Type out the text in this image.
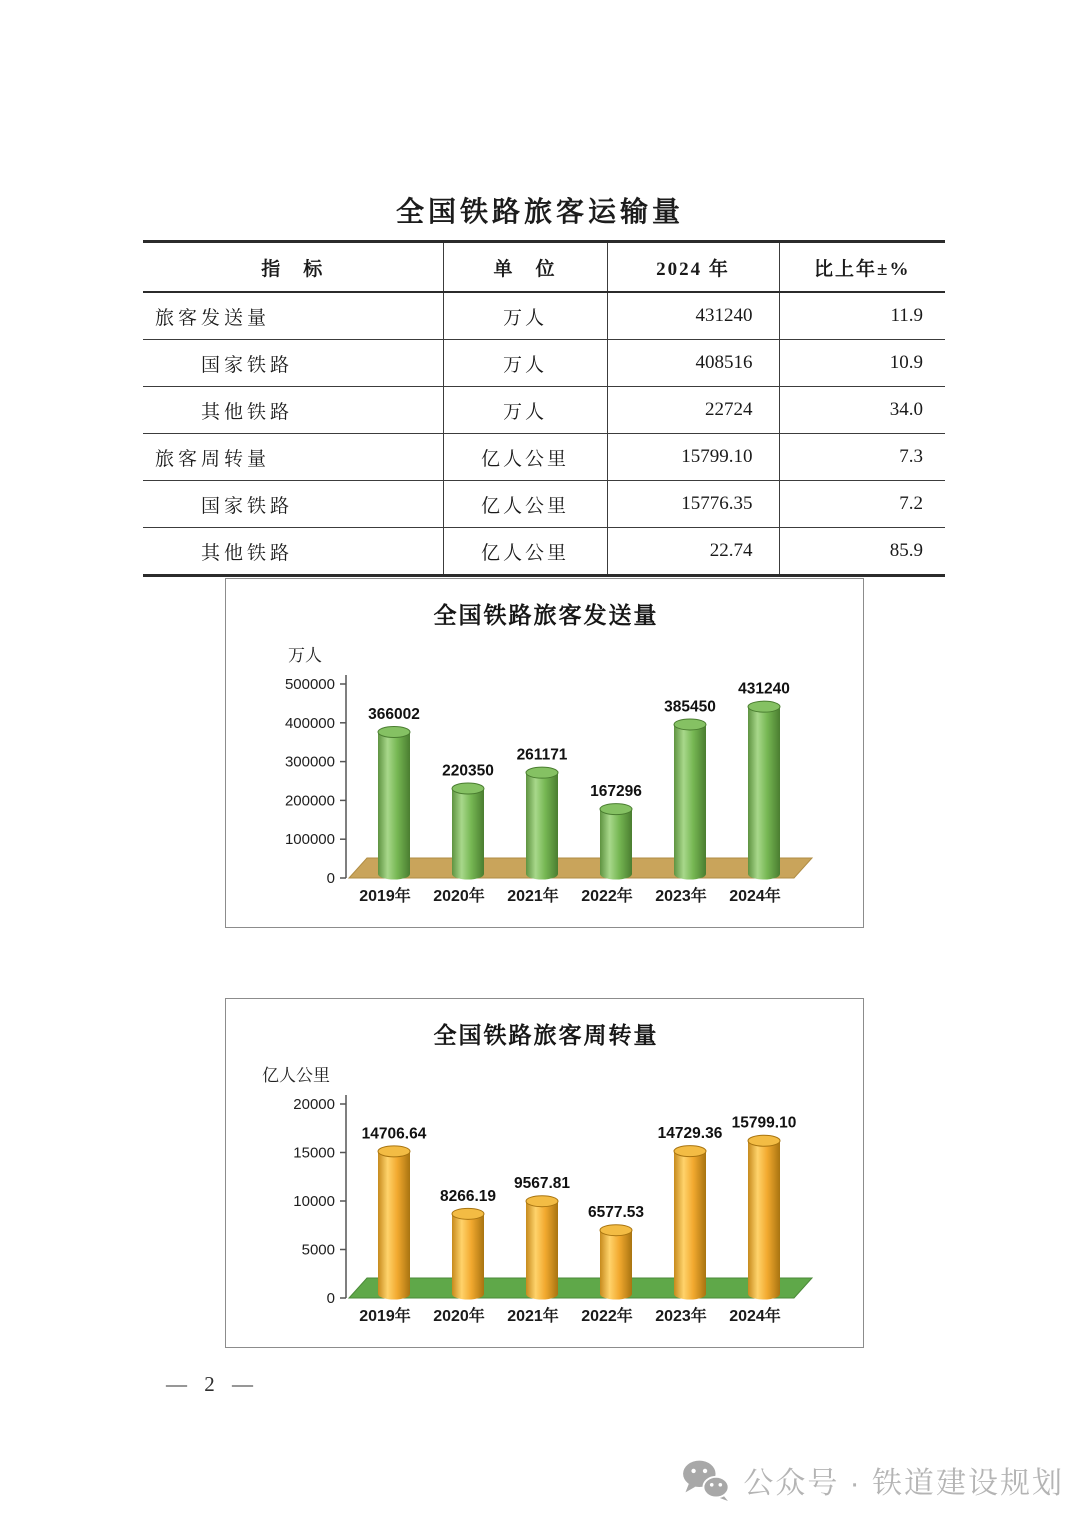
全国铁路旅客运输量
指　标	单　位	2024 年	比上年±%
旅客发送量	万人	431240	11.9
国家铁路	万人	408516	10.9
其他铁路	万人	22724	34.0
旅客周转量	亿人公里	15799.10	7.3
国家铁路	亿人公里	15776.35	7.2
其他铁路	亿人公里	22.74	85.9
全国铁路旅客发送量
万人
0
100000
200000
300000
400000
500000
366002
2019年
220350
2020年
261171
2021年
167296
2022年
385450
2023年
431240
2024年
全国铁路旅客周转量
亿人公里
0
5000
10000
15000
20000
14706.64
2019年
8266.19
2020年
9567.81
2021年
6577.53
2022年
14729.36
2023年
15799.10
2024年
— 2 —
公众号 · 铁道建设规划
